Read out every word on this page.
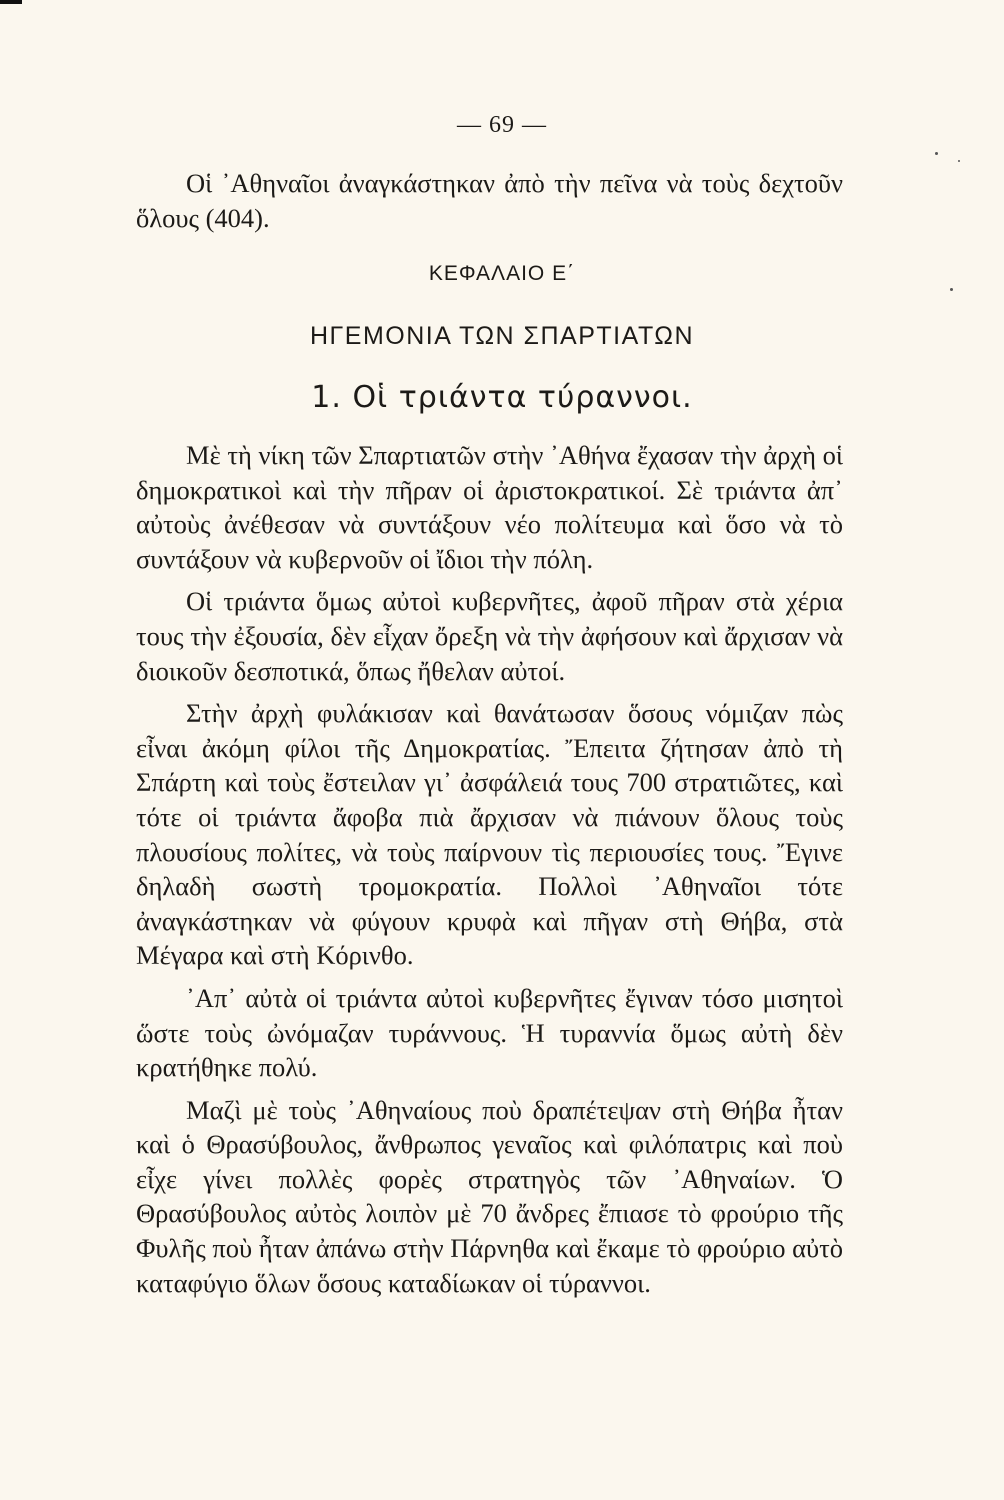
— 69 —

Οἱ ᾿Αθηναῖοι ἀναγκάστηκαν ἀπὸ τὴν πεῖνα νὰ τοὺς δεχτοῦν ὅλους (404).

ΚΕΦΑΛΑΙΟ Ε΄
ΗΓΕΜΟΝΙΑ ΤΩΝ ΣΠΑΡΤΙΑΤΩΝ
1. Οἱ τριάντα τύραννοι.

Μὲ τὴ νίκη τῶν Σπαρτιατῶν στὴν ᾿Αθήνα ἔχασαν τὴν ἀρχὴ οἱ δημοκρατικοὶ καὶ τὴν πῆραν οἱ ἀριστοκρατικοί. Σὲ τριάντα ἀπ᾿ αὐτοὺς ἀνέθεσαν νὰ συντάξουν νέο πολίτευμα καὶ ὅσο νὰ τὸ συντάξουν νὰ κυβερνοῦν οἱ ἴδιοι τὴν πόλη.

Οἱ τριάντα ὅμως αὐτοὶ κυβερνῆτες, ἀφοῦ πῆραν στὰ χέρια τους τὴν ἐξουσία, δὲν εἶχαν ὄρεξη νὰ τὴν ἀφήσουν καὶ ἄρχισαν νὰ διοικοῦν δεσποτικά, ὅπως ἤθελαν αὐτοί.

Στὴν ἀρχὴ φυλάκισαν καὶ θανάτωσαν ὅσους νόμιζαν πὼς εἶναι ἀκόμη φίλοι τῆς Δημοκρατίας. Ἔπειτα ζήτησαν ἀπὸ τὴ Σπάρτη καὶ τοὺς ἔστειλαν γι᾿ ἀσφάλειά τους 700 στρατιῶτες, καὶ τότε οἱ τριάντα ἄφοβα πιὰ ἄρχισαν νὰ πιάνουν ὅλους τοὺς πλουσίους πολίτες, νὰ τοὺς παίρνουν τὶς περιουσίες τους. Ἔγινε δηλαδὴ σωστὴ τρομοκρατία. Πολλοὶ ᾿Αθηναῖοι τότε ἀναγκάστηκαν νὰ φύγουν κρυφὰ καὶ πῆγαν στὴ Θήβα, στὰ Μέγαρα καὶ στὴ Κόρινθο.

᾿Απ᾿ αὐτὰ οἱ τριάντα αὐτοὶ κυβερνῆτες ἔγιναν τόσο μισητοὶ ὥστε τοὺς ὠνόμαζαν τυράννους. Ἡ τυραννία ὅμως αὐτὴ δὲν κρατήθηκε πολύ.

Μαζὶ μὲ τοὺς ᾿Αθηναίους ποὺ δραπέτεψαν στὴ Θήβα ἦταν καὶ ὁ Θρασύβουλος, ἄνθρωπος γεναῖος καὶ φιλόπατρις καὶ ποὺ εἶχε γίνει πολλὲς φορὲς στρατηγὸς τῶν ᾿Αθηναίων. Ὁ Θρασύβουλος αὐτὸς λοιπὸν μὲ 70 ἄνδρες ἔπιασε τὸ φρούριο τῆς Φυλῆς ποὺ ἦταν ἀπάνω στὴν Πάρνηθα καὶ ἔκαμε τὸ φρούριο αὐτὸ καταφύγιο ὅλων ὅσους καταδίωκαν οἱ τύραννοι.
